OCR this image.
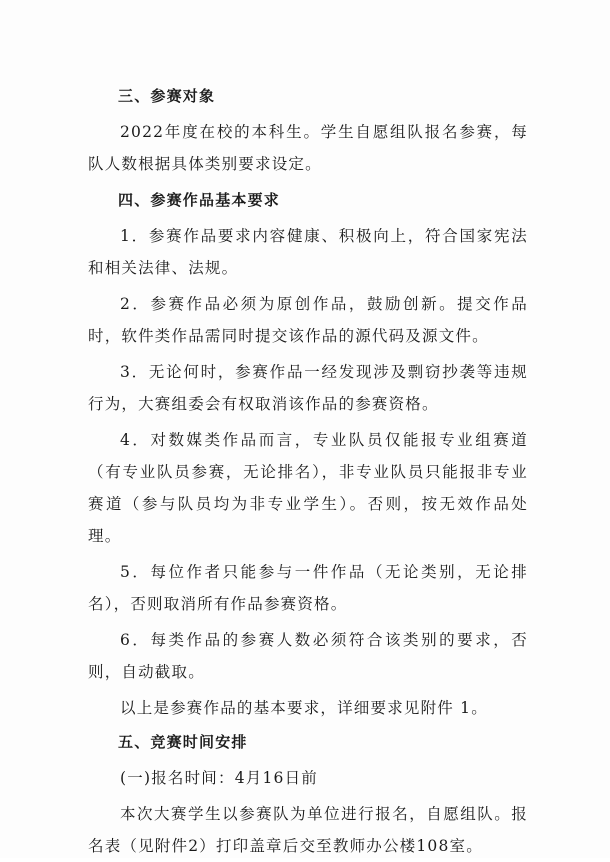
三、参赛对象

2022年度在校的本科生。学生自愿组队报名参赛，每队人数根据具体类别要求设定。

四、参赛作品基本要求

1．参赛作品要求内容健康、积极向上，符合国家宪法和相关法律、法规。

2．参赛作品必须为原创作品，鼓励创新。提交作品时，软件类作品需同时提交该作品的源代码及源文件。

3．无论何时，参赛作品一经发现涉及剽窃抄袭等违规行为，大赛组委会有权取消该作品的参赛资格。

4．对数媒类作品而言，专业队员仅能报专业组赛道（有专业队员参赛，无论排名），非专业队员只能报非专业赛道（参与队员均为非专业学生）。否则，按无效作品处理。

5．每位作者只能参与一件作品（无论类别，无论排名），否则取消所有作品参赛资格。

6．每类作品的参赛人数必须符合该类别的要求，否则，自动截取。

以上是参赛作品的基本要求，详细要求见附件 1。

五、竞赛时间安排

(一)报名时间：4月16日前

本次大赛学生以参赛队为单位进行报名，自愿组队。报名表（见附件2）打印盖章后交至教师办公楼108室。
